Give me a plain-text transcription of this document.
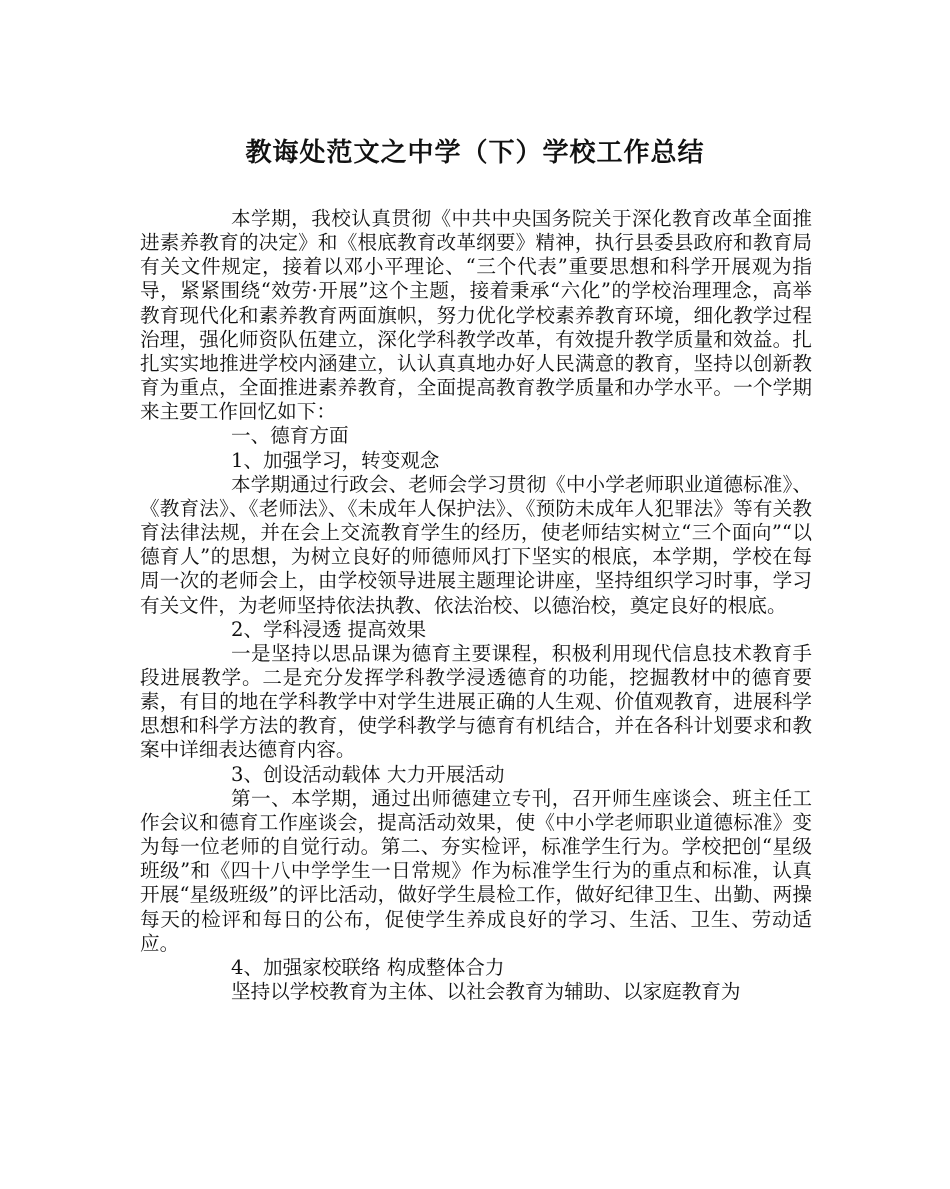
教诲处范文之中学（下）学校工作总结

本学期，我校认真贯彻《中共中央国务院关于深化教育改革全面推进素养教育的决定》和《根底教育改革纲要》精神，执行县委县政府和教育局有关文件规定，接着以邓小平理论、“三个代表”重要思想和科学开展观为指导，紧紧围绕“效劳·开展”这个主题，接着秉承“六化”的学校治理理念，高举教育现代化和素养教育两面旗帜，努力优化学校素养教育环境，细化教学过程治理，强化师资队伍建立，深化学科教学改革，有效提升教学质量和效益。扎扎实实地推进学校内涵建立，认认真真地办好人民满意的教育，坚持以创新教育为重点，全面推进素养教育，全面提高教育教学质量和办学水平。一个学期来主要工作回忆如下：

一、德育方面

1、加强学习，转变观念

本学期通过行政会、老师会学习贯彻《中小学老师职业道德标准》、《教育法》、《老师法》、《未成年人保护法》、《预防未成年人犯罪法》等有关教育法律法规，并在会上交流教育学生的经历，使老师结实树立“三个面向”“以德育人”的思想，为树立良好的师德师风打下坚实的根底，本学期，学校在每周一次的老师会上，由学校领导进展主题理论讲座，坚持组织学习时事，学习有关文件，为老师坚持依法执教、依法治校、以德治校，奠定良好的根底。

2、学科浸透 提高效果

一是坚持以思品课为德育主要课程，积极利用现代信息技术教育手段进展教学。二是充分发挥学科教学浸透德育的功能，挖掘教材中的德育要素，有目的地在学科教学中对学生进展正确的人生观、价值观教育，进展科学思想和科学方法的教育，使学科教学与德育有机结合，并在各科计划要求和教案中详细表达德育内容。

3、创设活动载体 大力开展活动

第一、本学期，通过出师德建立专刊，召开师生座谈会、班主任工作会议和德育工作座谈会，提高活动效果，使《中小学老师职业道德标准》变为每一位老师的自觉行动。第二、夯实检评，标准学生行为。学校把创“星级班级”和《四十八中学学生一日常规》作为标准学生行为的重点和标准，认真开展“星级班级”的评比活动，做好学生晨检工作，做好纪律卫生、出勤、两操每天的检评和每日的公布，促使学生养成良好的学习、生活、卫生、劳动适应。

4、加强家校联络 构成整体合力

坚持以学校教育为主体、以社会教育为辅助、以家庭教育为
